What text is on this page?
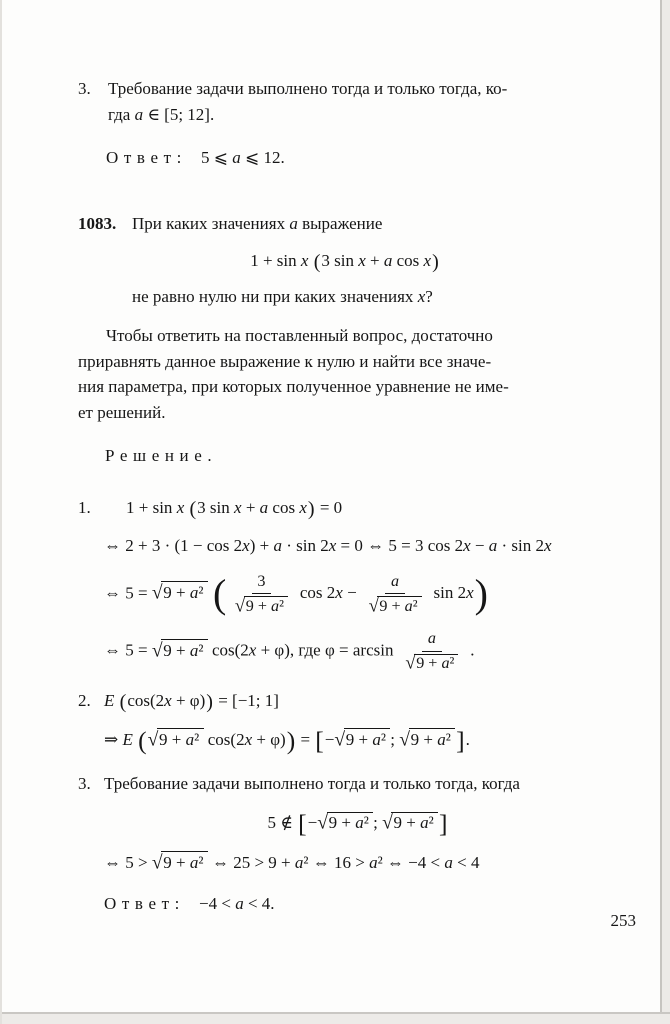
3. Требование задачи выполнено тогда и только тогда, ко-
гда a ∈ [5; 12].
Ответ: 5 ⩽ a ⩽ 12.
1083. При каких значениях a выражение
1 + sin x (3 sin x + a cos x)
не равно нулю ни при каких значениях x?
Чтобы ответить на поставленный вопрос, достаточно
приравнять данное выражение к нулю и найти все значе-
ния параметра, при которых полученное уравнение не име-
ет решений.
Решение.
1.	1 + sin x (3 sin x + a cos x) = 0
⇔ 2 + 3 · (1 − cos 2x) + a · sin 2x = 0 ⇔ 5 = 3 cos 2x − a · sin 2x
⇔ 5 = √9 + a² ( $\frac{3}{\text{√9 + a²}}$ $\cos 2x - \frac{a}{\text{√9 + a²}}$ sin 2x)
⇔ 5 = √9 + a² cos(2x + φ), где $\varphi = \arcsin \frac{a}{\text{√9 + a²}}$ .
2. E (cos(2x + φ)) = [−1; 1]
⇒ E (√9 + a² cos(2x + φ)) = [−√9 + a² ; √9 + a² ].
3. Требование задачи выполнено тогда и только тогда, когда
5 ∉ [−√9 + a² ; √9 + a² ]
⇔ 5 > √9 + a² ⇔ 25 > 9 + a² ⇔ 16 > a² ⇔ −4 < a < 4
Ответ: −4 < a < 4.
253
